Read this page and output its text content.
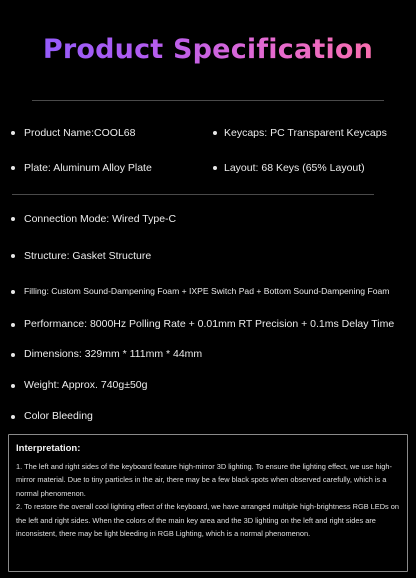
Product Specification
Product Name:COOL68	Keycaps: PC Transparent Keycaps
Plate: Aluminum Alloy Plate	Layout: 68 Keys (65% Layout)
Connection Mode: Wired Type-C
Structure: Gasket Structure
Filling: Custom Sound-Dampening Foam + IXPE Switch Pad + Bottom Sound-Dampening Foam
Performance: 8000Hz Polling Rate + 0.01mm RT Precision + 0.1ms Delay Time
Dimensions: 329mm * 111mm * 44mm
Weight: Approx. 740g±50g
Color Bleeding
Interpretation:

1. The left and right sides of the keyboard feature high-mirror 3D lighting. To ensure the lighting effect, we use high-mirror material. Due to tiny particles in the air, there may be a few black spots when observed carefully, which is a normal phenomenon.

2. To restore the overall cool lighting effect of the keyboard, we have arranged multiple high-brightness RGB LEDs on the left and right sides. When the colors of the main key area and the 3D lighting on the left and right sides are inconsistent, there may be light bleeding in RGB Lighting, which is a normal phenomenon.
